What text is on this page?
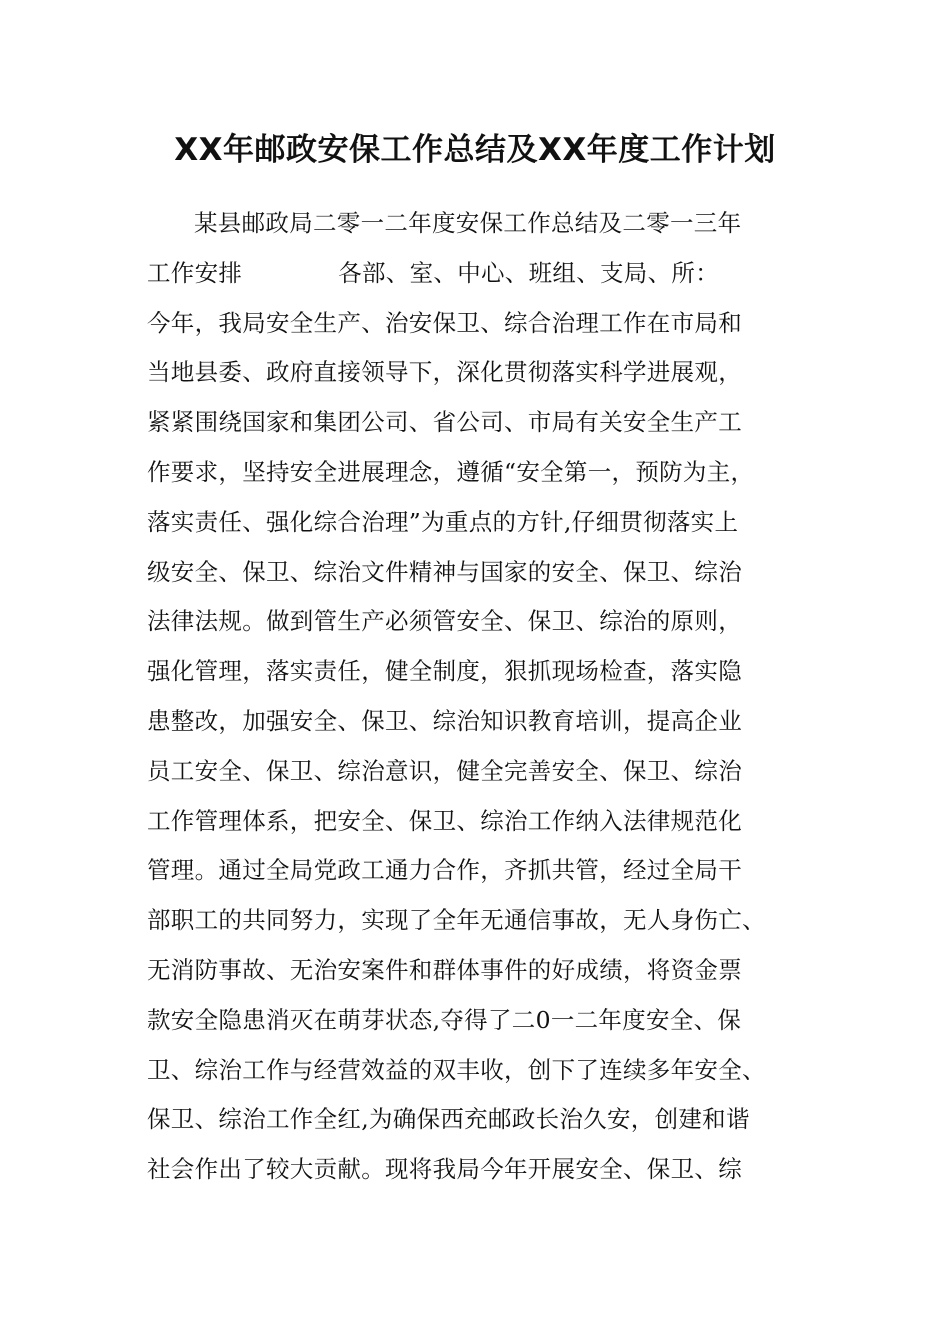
XX年邮政安保工作总结及XX年度工作计划
某县邮政局二零一二年度安保工作总结及二零一三年
工作安排	各部、室、中心、班组、支局、所：
今年，我局安全生产、治安保卫、综合治理工作在市局和
当地县委、政府直接领导下，深化贯彻落实科学进展观，
紧紧围绕国家和集团公司、省公司、市局有关安全生产工
作要求，坚持安全进展理念，遵循“安全第一，预防为主，
落实责任、强化综合治理”为重点的方针,仔细贯彻落实上
级安全、保卫、综治文件精神与国家的安全、保卫、综治
法律法规。做到管生产必须管安全、保卫、综治的原则，
强化管理，落实责任，健全制度，狠抓现场检查，落实隐
患整改，加强安全、保卫、综治知识教育培训，提高企业
员工安全、保卫、综治意识，健全完善安全、保卫、综治
工作管理体系，把安全、保卫、综治工作纳入法律规范化
管理。通过全局党政工通力合作，齐抓共管，经过全局干
部职工的共同努力，实现了全年无通信事故，无人身伤亡、
无消防事故、无治安案件和群体事件的好成绩，将资金票
款安全隐患消灭在萌芽状态,夺得了二0一二年度安全、保
卫、综治工作与经营效益的双丰收，创下了连续多年安全、
保卫、综治工作全红,为确保西充邮政长治久安，创建和谐
社会作出了较大贡献。现将我局今年开展安全、保卫、综
